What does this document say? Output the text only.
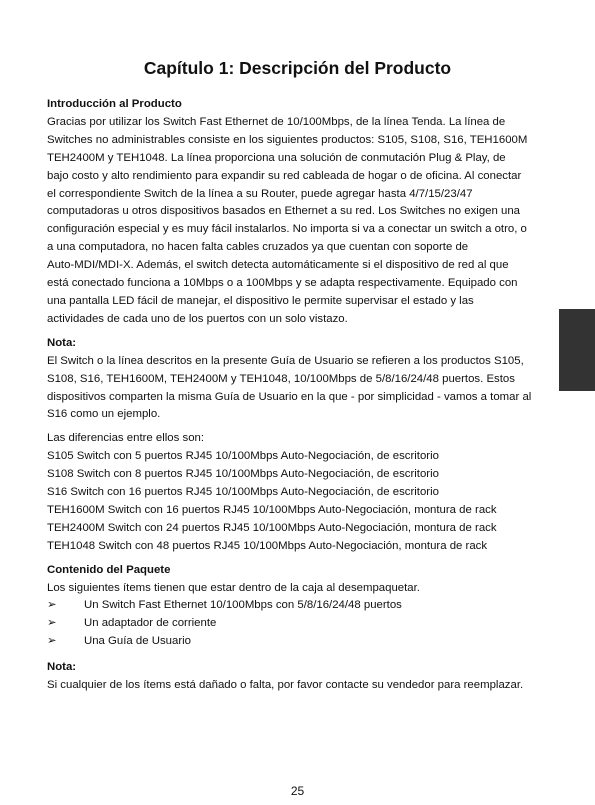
Capítulo 1: Descripción del Producto

Introducción al Producto

Gracias por utilizar los Switch Fast Ethernet de 10/100Mbps, de la línea Tenda. La línea de
Switches no administrables consiste en los siguientes productos: S105, S108, S16, TEH1600M
TEH2400M y TEH1048. La línea proporciona una solución de conmutación Plug & Play, de
bajo costo y alto rendimiento para expandir su red cableada de hogar o de oficina. Al conectar
el correspondiente Switch de la línea a su Router, puede agregar hasta 4/7/15/23/47
computadoras u otros dispositivos basados en Ethernet a su red. Los Switches no exigen una
configuración especial y es muy fácil instalarlos. No importa si va a conectar un switch a otro, o
a una computadora, no hacen falta cables cruzados ya que cuentan con soporte de
Auto-MDI/MDI-X. Además, el switch detecta automáticamente si el dispositivo de red al que
está conectado funciona a 10Mbps o a 100Mbps y se adapta respectivamente. Equipado con
una pantalla LED fácil de manejar, el dispositivo le permite supervisar el estado y las
actividades de cada uno de los puertos con un solo vistazo.

Nota:

El Switch o la línea descritos en la presente Guía de Usuario se refieren a los productos S105,
S108, S16, TEH1600M, TEH2400M y TEH1048, 10/100Mbps de 5/8/16/24/48 puertos. Estos
dispositivos comparten la misma Guía de Usuario en la que - por simplicidad - vamos a tomar al
S16 como un ejemplo.

Las diferencias entre ellos son:

S105 Switch con 5 puertos RJ45 10/100Mbps Auto-Negociación, de escritorio
S108 Switch con 8 puertos RJ45 10/100Mbps Auto-Negociación, de escritorio
S16 Switch con 16 puertos RJ45 10/100Mbps Auto-Negociación, de escritorio
TEH1600M Switch con 16 puertos RJ45 10/100Mbps Auto-Negociación, montura de rack
TEH2400M Switch con 24 puertos RJ45 10/100Mbps Auto-Negociación, montura de rack
TEH1048 Switch con 48 puertos RJ45 10/100Mbps Auto-Negociación, montura de rack

Contenido del Paquete

Los siguientes ítems tienen que estar dentro de la caja al desempaquetar.

➢	Un Switch Fast Ethernet 10/100Mbps con 5/8/16/24/48 puertos
➢	Un adaptador de corriente
➢	Una Guía de Usuario

Nota:

Si cualquier de los ítems está dañado o falta, por favor contacte su vendedor para reemplazar.

25
